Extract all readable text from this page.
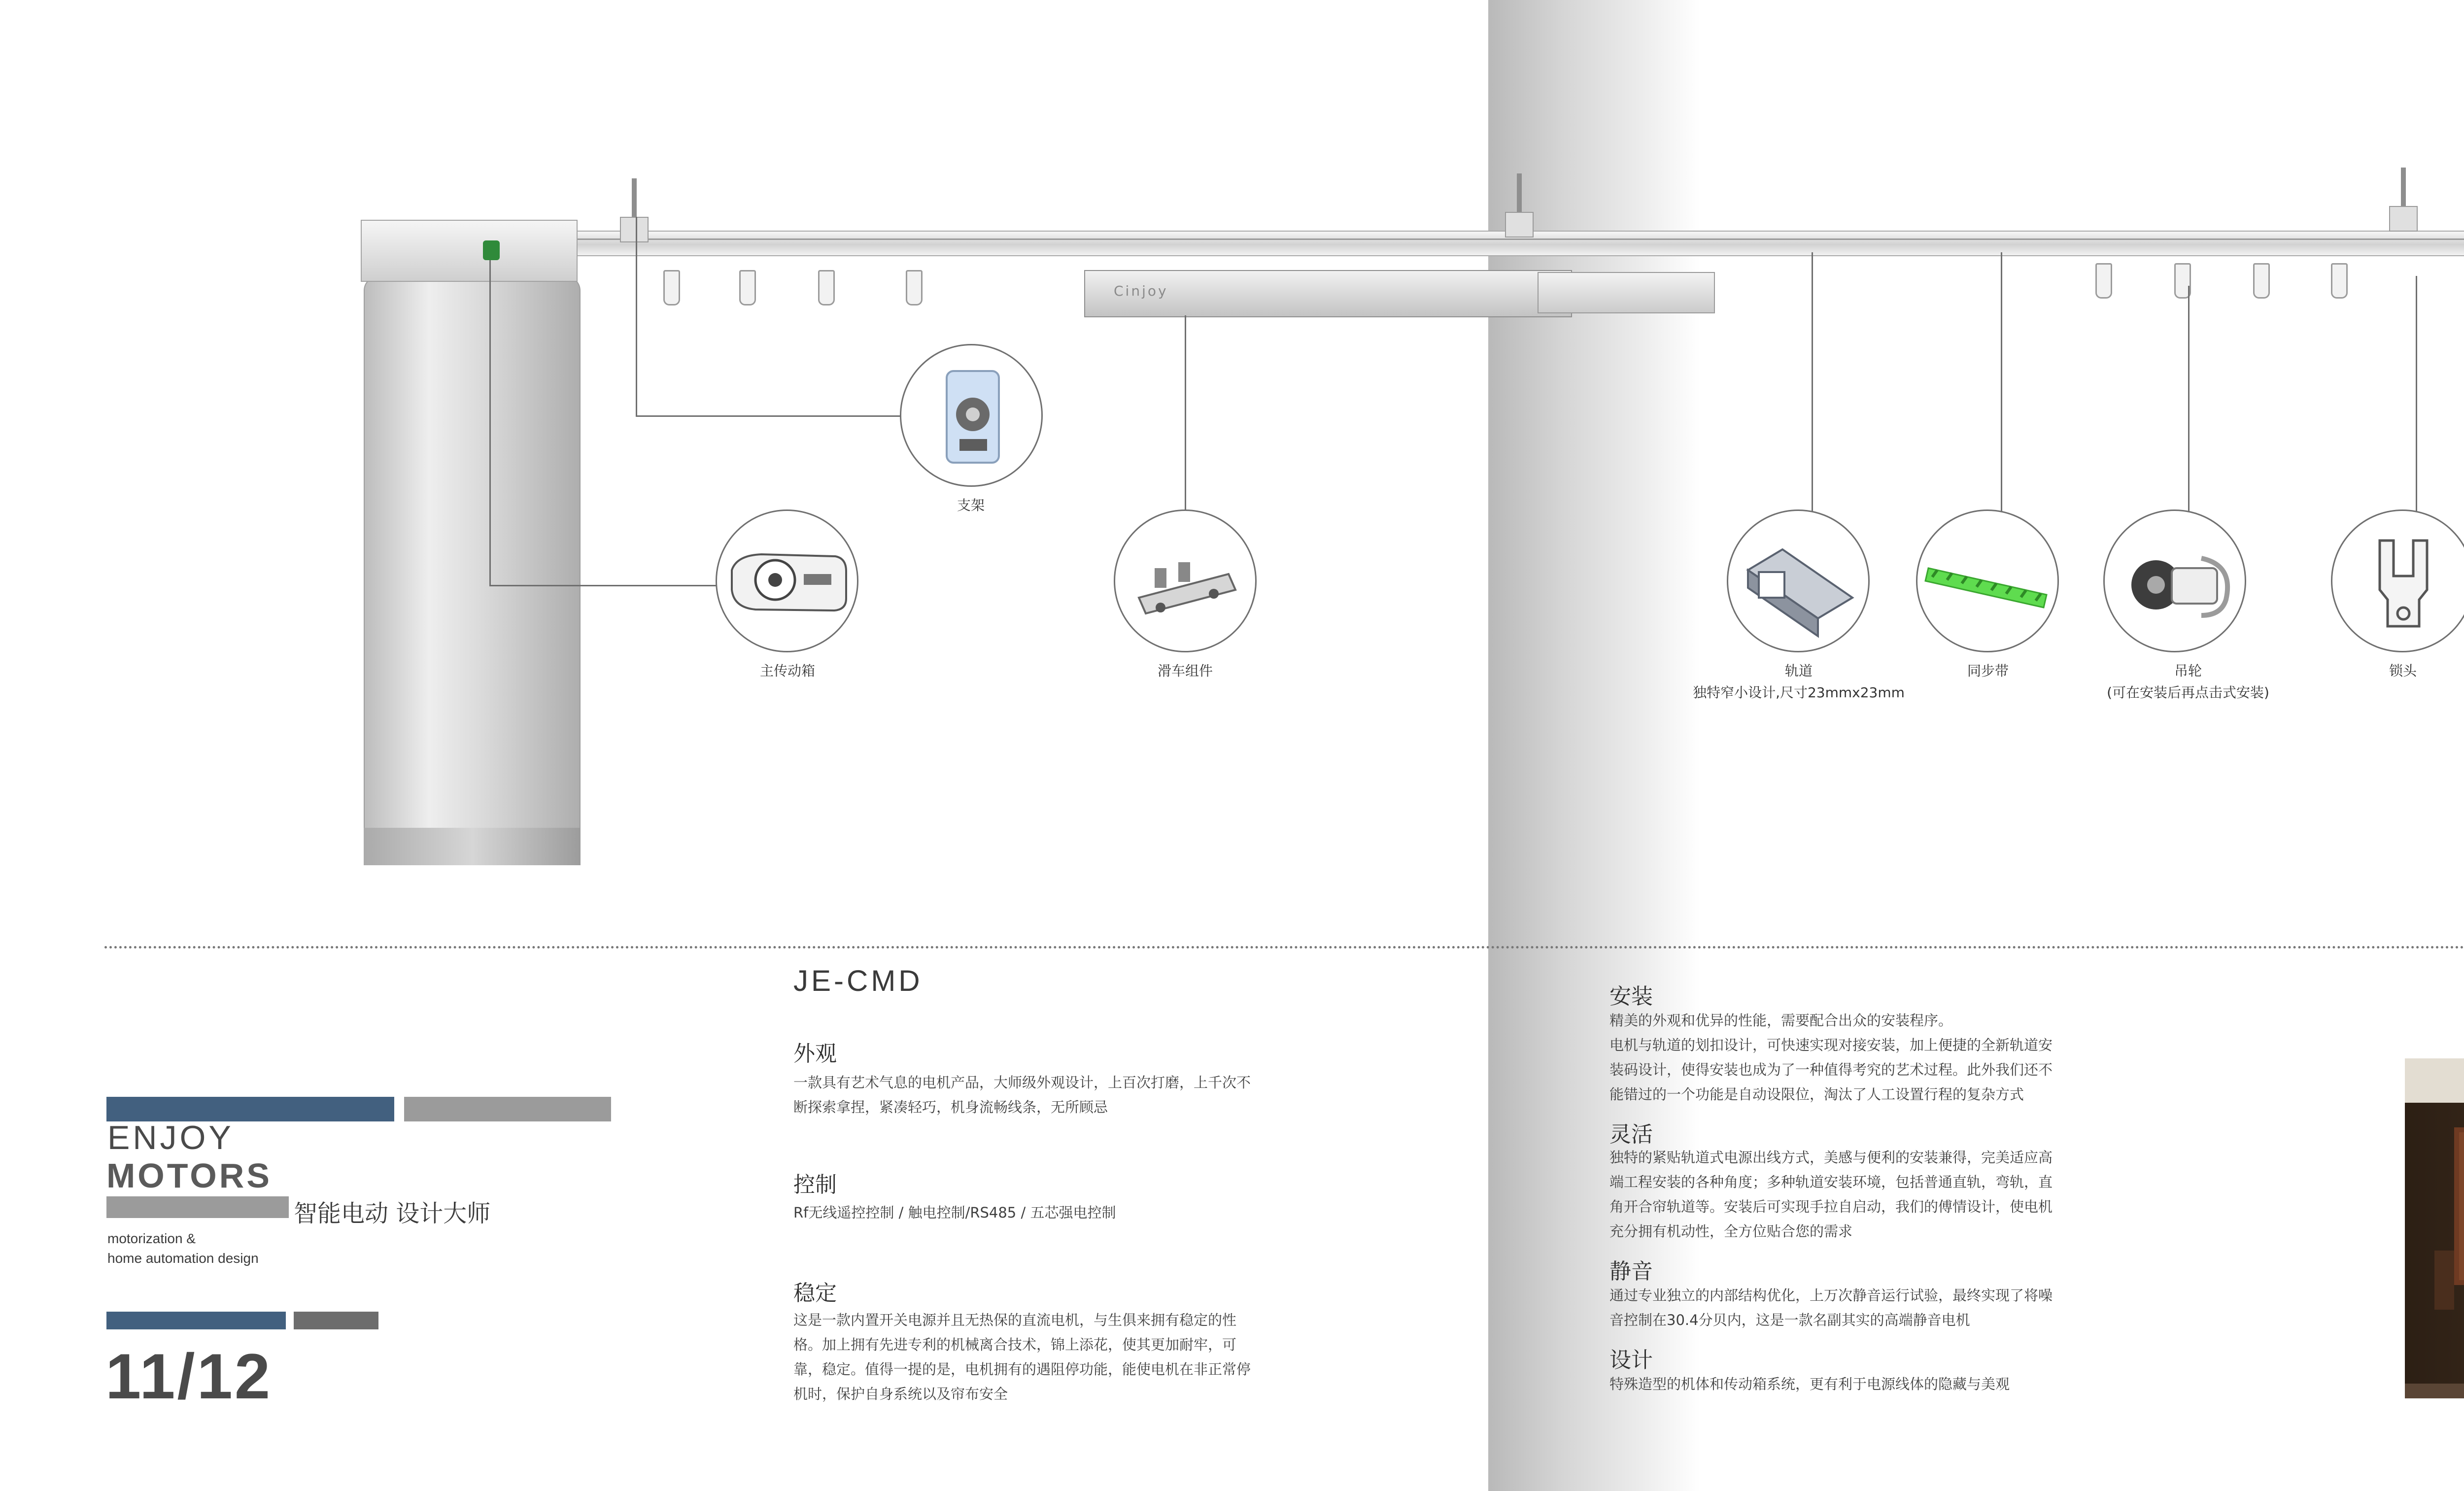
Cinjoy
支架
主传动箱	滑车组件	轨道
独特窄小设计,尺寸23mmx23mm
同步带	吊轮
(可在安装后再点击式安装)
锁头
ENJOY
MOTORS
智能电动 设计大师
motorization &
home automation design
11/12
JE-CMD
外观
一款具有艺术气息的电机产品，大师级外观设计，上百次打磨，上千次不
断探索拿捏，紧凑轻巧，机身流畅线条，无所顾忌
控制
Rf无线遥控控制 / 触电控制/RS485 / 五芯强电控制
稳定
这是一款内置开关电源并且无热保的直流电机，与生俱来拥有稳定的性
格。加上拥有先进专利的机械离合技术，锦上添花，使其更加耐牢，可
靠，稳定。值得一提的是，电机拥有的遇阻停功能，能使电机在非正常停
机时，保护自身系统以及帘布安全
安装
精美的外观和优异的性能，需要配合出众的安装程序。
电机与轨道的划扣设计，可快速实现对接安装，加上便捷的全新轨道安
装码设计，使得安装也成为了一种值得考究的艺术过程。此外我们还不
能错过的一个功能是自动设限位，淘汰了人工设置行程的复杂方式
灵活
独特的紧贴轨道式电源出线方式，美感与便利的安装兼得，完美适应高
端工程安装的各种角度；多种轨道安装环境，包括普通直轨，弯轨，直
角开合帘轨道等。安装后可实现手拉自启动，我们的傅情设计，使电机
充分拥有机动性，全方位贴合您的需求
静音
通过专业独立的内部结构优化，上万次静音运行试验，最终实现了将噪
音控制在30.4分贝内，这是一款名副其实的高端静音电机
设计
特殊造型的机体和传动箱系统，更有利于电源线体的隐藏与美观
